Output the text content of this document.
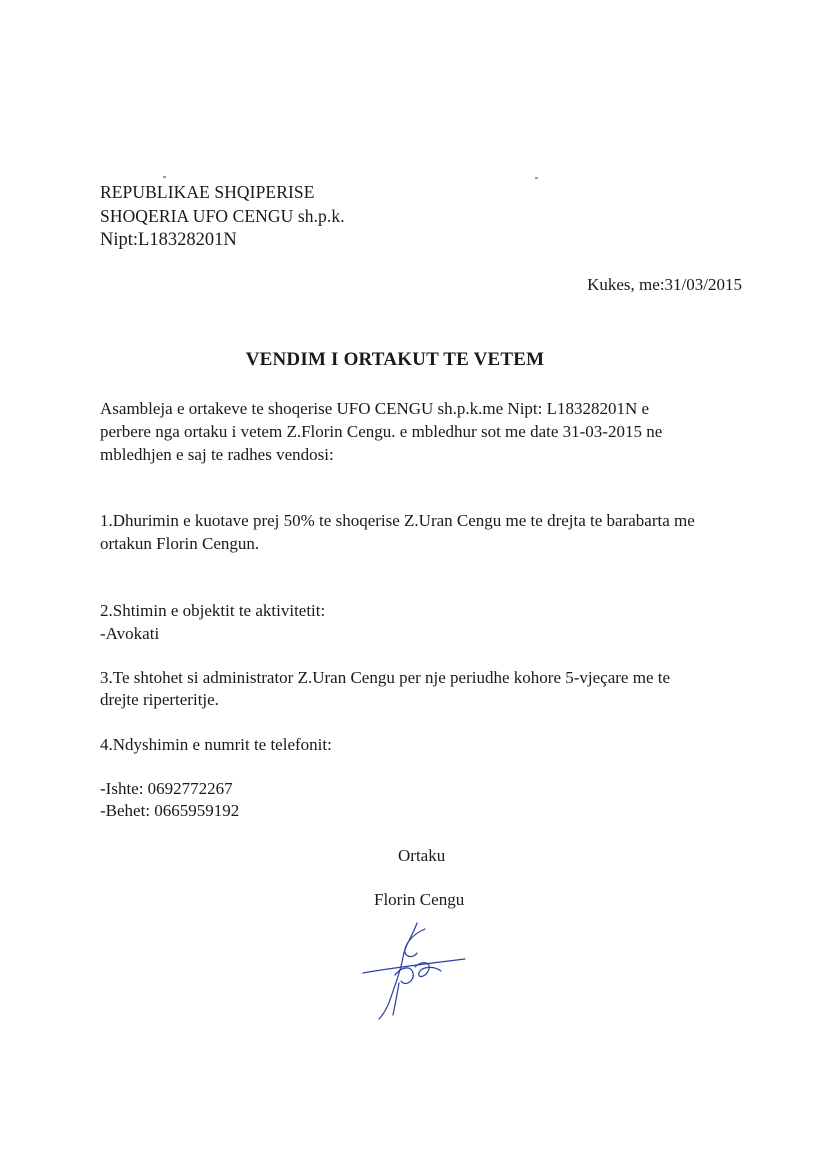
REPUBLIKAE SHQIPERISE
SHOQERIA UFO CENGU sh.p.k.
Nipt:L18328201N
Kukes, me:31/03/2015
VENDIM I ORTAKUT TE VETEM
Asambleja e ortakeve te shoqerise UFO CENGU sh.p.k.me Nipt: L18328201N e
perbere nga ortaku i vetem Z.Florin Cengu. e mbledhur sot me date 31-03-2015 ne
mbledhjen e saj te radhes vendosi:
1.Dhurimin e kuotave prej 50% te shoqerise Z.Uran Cengu me te drejta te barabarta me
ortakun Florin Cengun.
2.Shtimin e objektit te aktivitetit:
-Avokati
3.Te shtohet si administrator Z.Uran Cengu per nje periudhe kohore 5-vjeçare me te
drejte riperteritje.
4.Ndyshimin e numrit te telefonit:
-Ishte: 0692772267
-Behet: 0665959192
Ortaku
Florin Cengu
